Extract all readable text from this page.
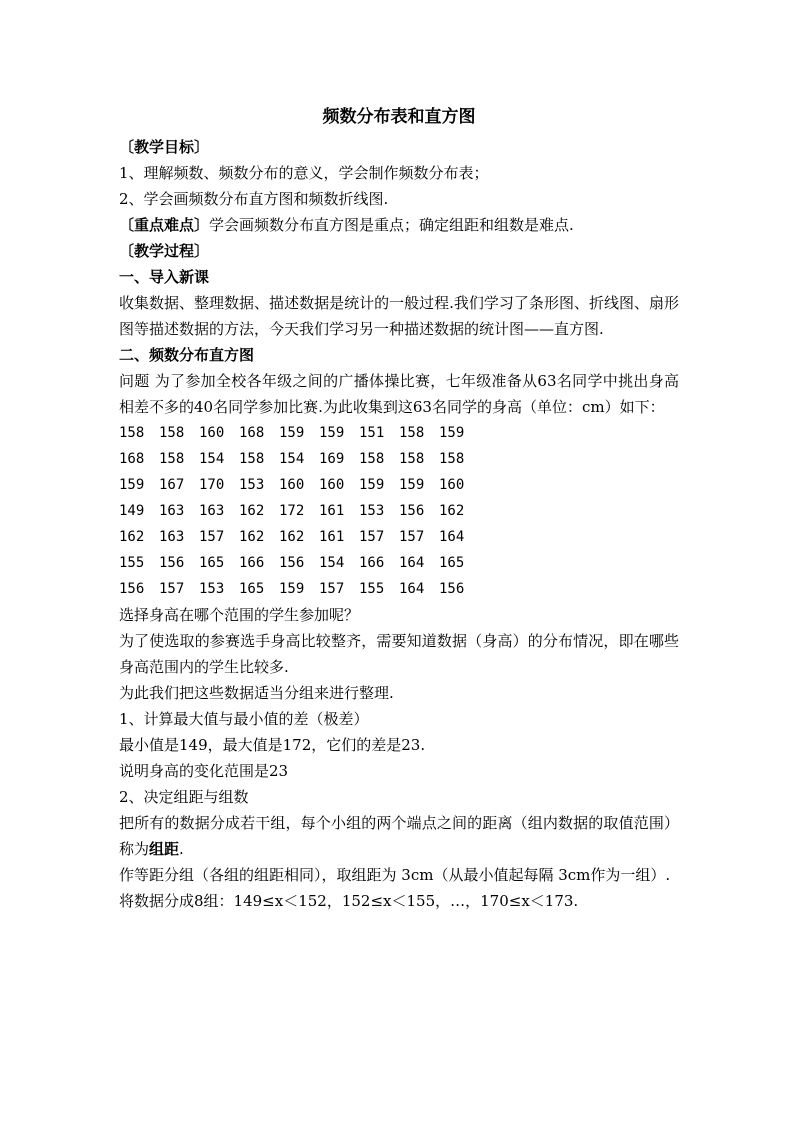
频数分布表和直方图
〔教学目标〕
1、理解频数、频数分布的意义，学会制作频数分布表；
2、学会画频数分布直方图和频数折线图.
〔重点难点〕学会画频数分布直方图是重点；确定组距和组数是难点.
〔教学过程〕
一、导入新课
收集数据、整理数据、描述数据是统计的一般过程.我们学习了条形图、折线图、扇形图等描述数据的方法，今天我们学习另一种描述数据的统计图——直方图.
二、频数分布直方图
问题 为了参加全校各年级之间的广播体操比赛，七年级准备从63名同学中挑出身高相差不多的40名同学参加比赛.为此收集到这63名同学的身高（单位：cm）如下：
158	158	160	168	159	159	151	158	159
168	158	154	158	154	169	158	158	158
159	167	170	153	160	160	159	159	160
149	163	163	162	172	161	153	156	162
162	163	157	162	162	161	157	157	164
155	156	165	166	156	154	166	164	165
156	157	153	165	159	157	155	164	156
选择身高在哪个范围的学生参加呢？
为了使选取的参赛选手身高比较整齐，需要知道数据（身高）的分布情况，即在哪些身高范围内的学生比较多.
为此我们把这些数据适当分组来进行整理.
1、计算最大值与最小值的差（极差）
最小值是149，最大值是172，它们的差是23.
说明身高的变化范围是23
2、决定组距与组数
把所有的数据分成若干组，每个小组的两个端点之间的距离（组内数据的取值范围）称为组距.
作等距分组（各组的组距相同），取组距为 3cm（从最小值起每隔 3cm作为一组）.
将数据分成8组：149≤x＜152，152≤x＜155，…，170≤x＜173.
